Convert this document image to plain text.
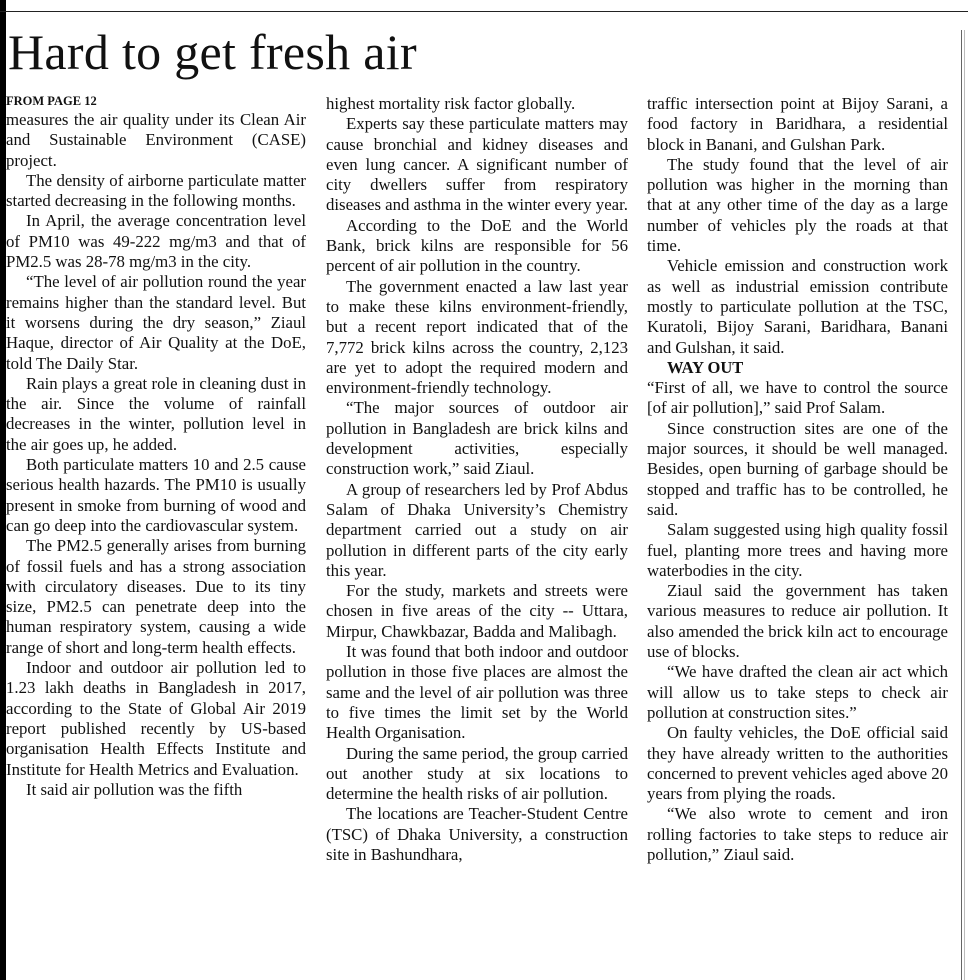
Hard to get fresh air
FROM PAGE 12

measures the air quality under its Clean Air and Sustainable Environment (CASE) project.

The density of airborne particulate matter started decreasing in the following months.

In April, the average concentration level of PM10 was 49-222 mg/m3 and that of PM2.5 was 28-78 mg/m3 in the city.

“The level of air pollution round the year remains higher than the standard level. But it worsens during the dry season,” Ziaul Haque, director of Air Quality at the DoE, told The Daily Star.

Rain plays a great role in cleaning dust in the air. Since the volume of rainfall decreases in the winter, pollution level in the air goes up, he added.

Both particulate matters 10 and 2.5 cause serious health hazards. The PM10 is usually present in smoke from burning of wood and can go deep into the cardiovascular system.

The PM2.5 generally arises from burning of fossil fuels and has a strong association with circulatory diseases. Due to its tiny size, PM2.5 can penetrate deep into the human respiratory system, causing a wide range of short and long-term health effects.

Indoor and outdoor air pollution led to 1.23 lakh deaths in Bangladesh in 2017, according to the State of Global Air 2019 report published recently by US-based organisation Health Effects Institute and Institute for Health Metrics and Evaluation.

It said air pollution was the fifth

highest mortality risk factor globally.

Experts say these particulate matters may cause bronchial and kidney diseases and even lung cancer. A significant number of city dwellers suffer from respiratory diseases and asthma in the winter every year.

According to the DoE and the World Bank, brick kilns are responsible for 56 percent of air pollution in the country.

The government enacted a law last year to make these kilns environment-friendly, but a recent report indicated that of the 7,772 brick kilns across the country, 2,123 are yet to adopt the required modern and environment-friendly technology.

“The major sources of outdoor air pollution in Bangladesh are brick kilns and development activities, especially construction work,” said Ziaul.

A group of researchers led by Prof Abdus Salam of Dhaka University’s Chemistry department carried out a study on air pollution in different parts of the city early this year.

For the study, markets and streets were chosen in five areas of the city -- Uttara, Mirpur, Chawkbazar, Badda and Malibagh.

It was found that both indoor and outdoor pollution in those five places are almost the same and the level of air pollution was three to five times the limit set by the World Health Organisation.

During the same period, the group carried out another study at six locations to determine the health risks of air pollution.

The locations are Teacher-Student Centre (TSC) of Dhaka University, a construction site in Bashundhara,

traffic intersection point at Bijoy Sarani, a food factory in Baridhara, a residential block in Banani, and Gulshan Park.

The study found that the level of air pollution was higher in the morning than that at any other time of the day as a large number of vehicles ply the roads at that time.

Vehicle emission and construction work as well as industrial emission contribute mostly to particulate pollution at the TSC, Kuratoli, Bijoy Sarani, Baridhara, Banani and Gulshan, it said.

WAY OUT

“First of all, we have to control the source [of air pollution],” said Prof Salam.

Since construction sites are one of the major sources, it should be well managed. Besides, open burning of garbage should be stopped and traffic has to be controlled, he said.

Salam suggested using high quality fossil fuel, planting more trees and having more waterbodies in the city.

Ziaul said the government has taken various measures to reduce air pollution. It also amended the brick kiln act to encourage use of blocks.

“We have drafted the clean air act which will allow us to take steps to check air pollution at construction sites.”

On faulty vehicles, the DoE official said they have already written to the authorities concerned to prevent vehicles aged above 20 years from plying the roads.

“We also wrote to cement and iron rolling factories to take steps to reduce air pollution,” Ziaul said.
